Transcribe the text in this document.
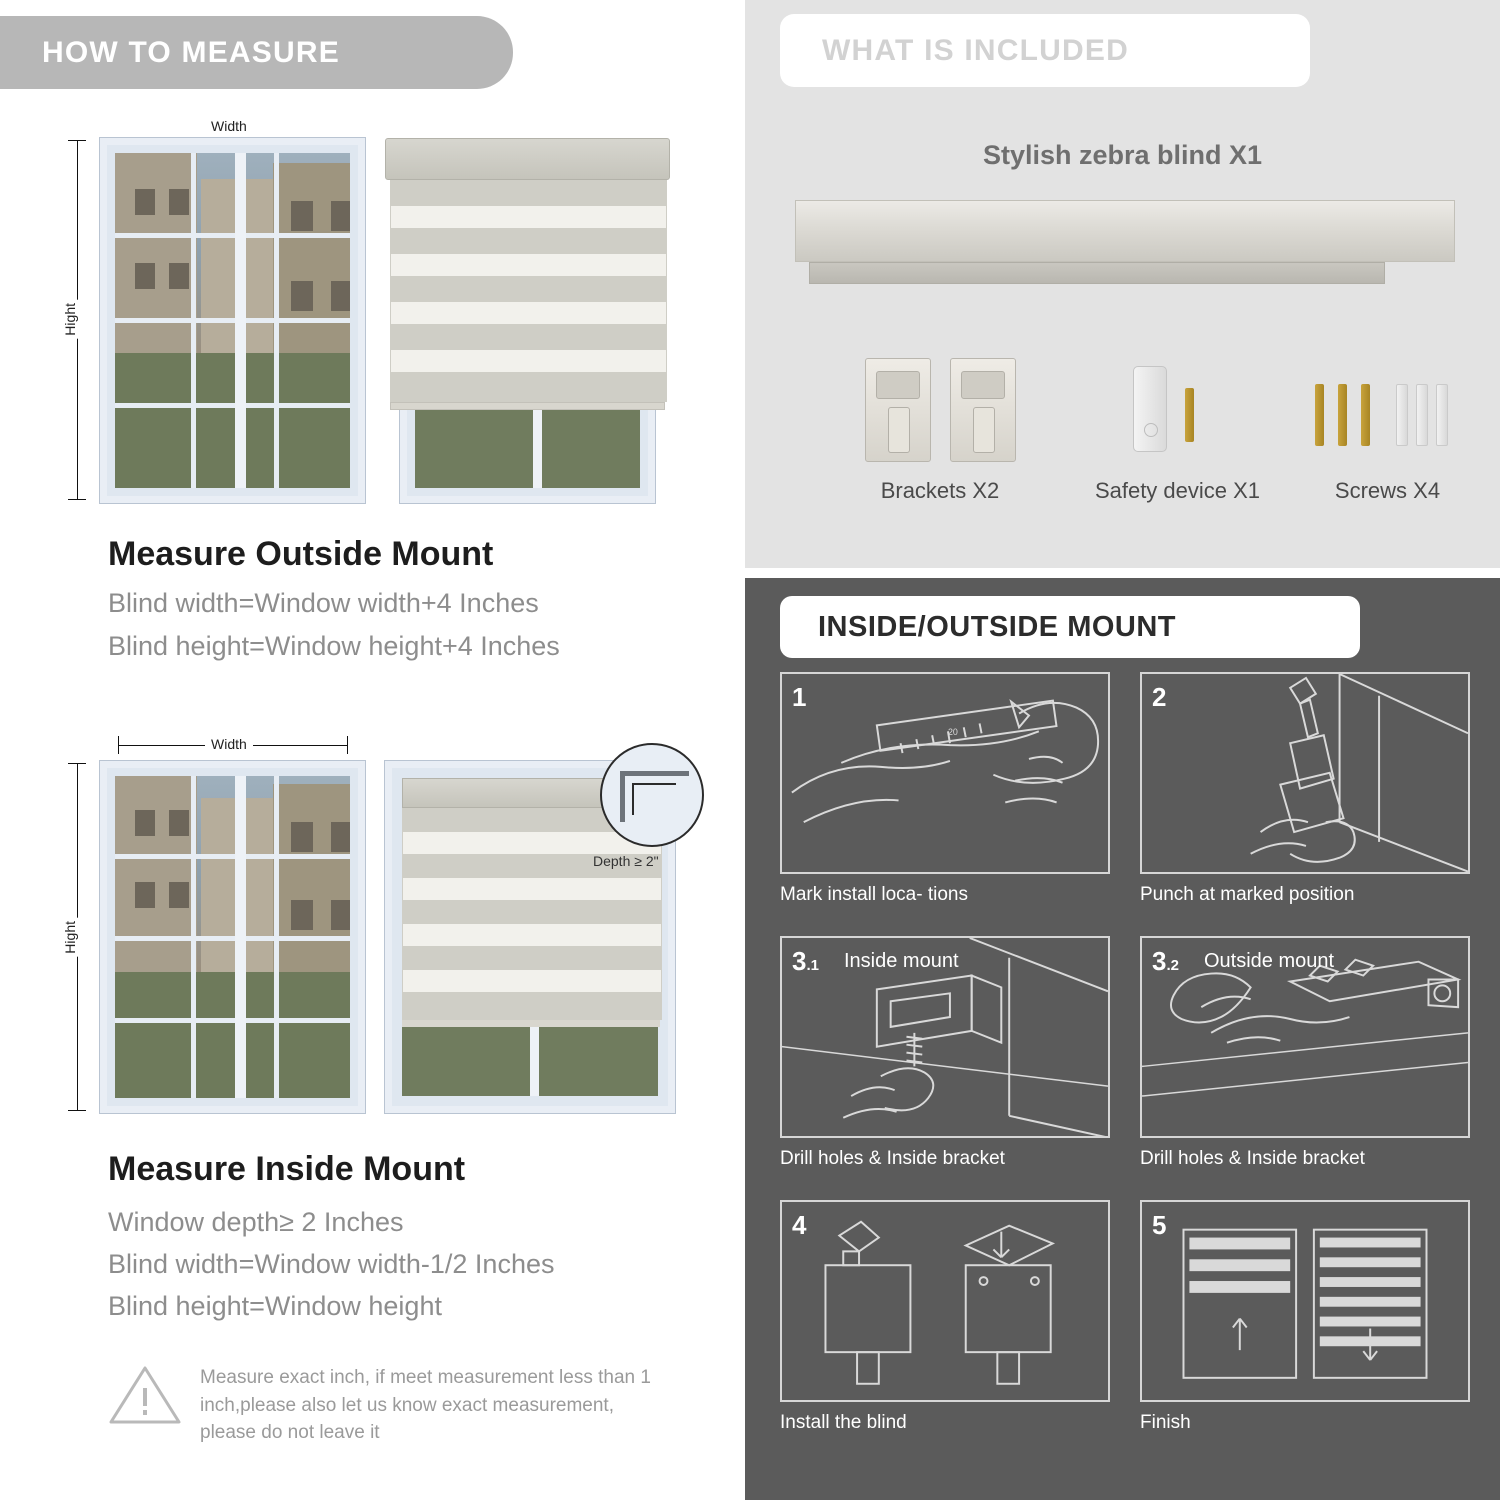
HOW TO MEASURE
Width
Hight
Measure Outside Mount
Blind width=Window width+4 Inches
Blind height=Window height+4 Inches
Width
Hight
Depth ≥ 2"
Measure Inside Mount
Window depth≥ 2 Inches
Blind width=Window width-1/2 Inches
Blind height=Window height
Measure exact inch, if meet measurement less than 1 inch,please also let us know exact measurement, please do not leave it
WHAT IS INCLUDED
Stylish zebra blind X1
Brackets X2	Safety device X1	Screws X4
INSIDE/OUTSIDE MOUNT
1
20
Mark install loca- tions
2
Punch at marked position
3.1 Inside mount
Drill holes & Inside bracket
3.2 Outside mount
Drill holes & Inside bracket
4
Install the blind
5
Finish
